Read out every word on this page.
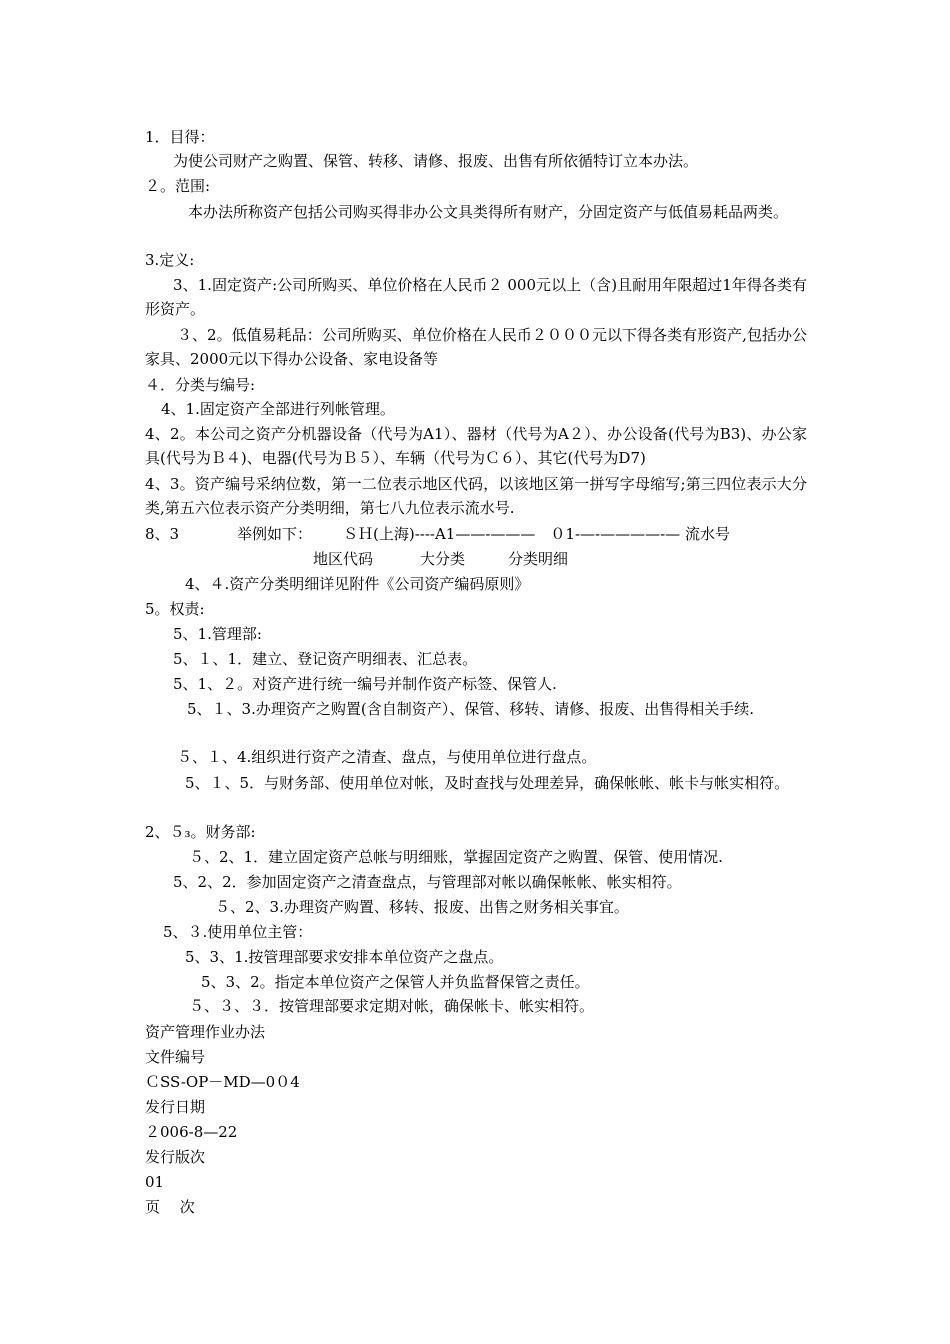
1．目得：
为使公司财产之购置、保管、转移、请修、报废、出售有所依循特订立本办法。
２。范围:
本办法所称资产包括公司购买得非办公文具类得所有财产，分固定资产与低值易耗品两类。
3.定义:
3、1.固定资产:公司所购买、单位价格在人民币２ 000元以上（含)且耐用年限超过1年得各类有形资产。
３、2。低值易耗品：公司所购买、单位价格在人民币２０００元以下得各类有形资产,包括办公家具、2000元以下得办公设备、家电设备等
４．分类与编号:
4、1.固定资产全部进行列帐管理。
4、2。本公司之资产分机器设备（代号为A1）、器材（代号为A２）、办公设备(代号为B3)、办公家具(代号为Ｂ４)、电器(代号为Ｂ５）、车辆（代号为Ｃ６）、其它(代号为D7)
4、3。资产编号采纳位数，第一二位表示地区代码，以该地区第一拼写字母缩写;第三四位表示大分类,第五六位表示资产分类明细，第七八九位表示流水号.
8、3	举例如下： ＳＨ(上海)----A1——-———　０1-—-————-— 流水号
地区代码	大分类	分类明细
4、４.资产分类明细详见附件《公司资产编码原则》
5。权责:
5、1.管理部:
5、１、1．建立、登记资产明细表、汇总表。
5、1、２。对资产进行统一编号并制作资产标签、保管人.
5、１、3.办理资产之购置(含自制资产）、保管、移转、请修、报废、出售得相关手续.
５、１、4.组织进行资产之清查、盘点，与使用单位进行盘点。
5、１、5．与财务部、使用单位对帐，及时查找与处理差异，确保帐帐、帐卡与帐实相符。
2、５₃。财务部:
５、2、1．建立固定资产总帐与明细账，掌握固定资产之购置、保管、使用情况.
5、2、2．参加固定资产之清查盘点，与管理部对帐以确保帐帐、帐实相符。
５、2、3.办理资产购置、移转、报废、出售之财务相关事宜。
5、３.使用单位主管：
5、3、1.按管理部要求安排本单位资产之盘点。
5、3、2。指定本单位资产之保管人并负监督保管之责任。
５、３、３．按管理部要求定期对帐，确保帐卡、帐实相符。
资产管理作业办法
文件编号
ＣSS-OP－MD—0０4
发行日期
２006-8—22
发行版次
01
页　 次
